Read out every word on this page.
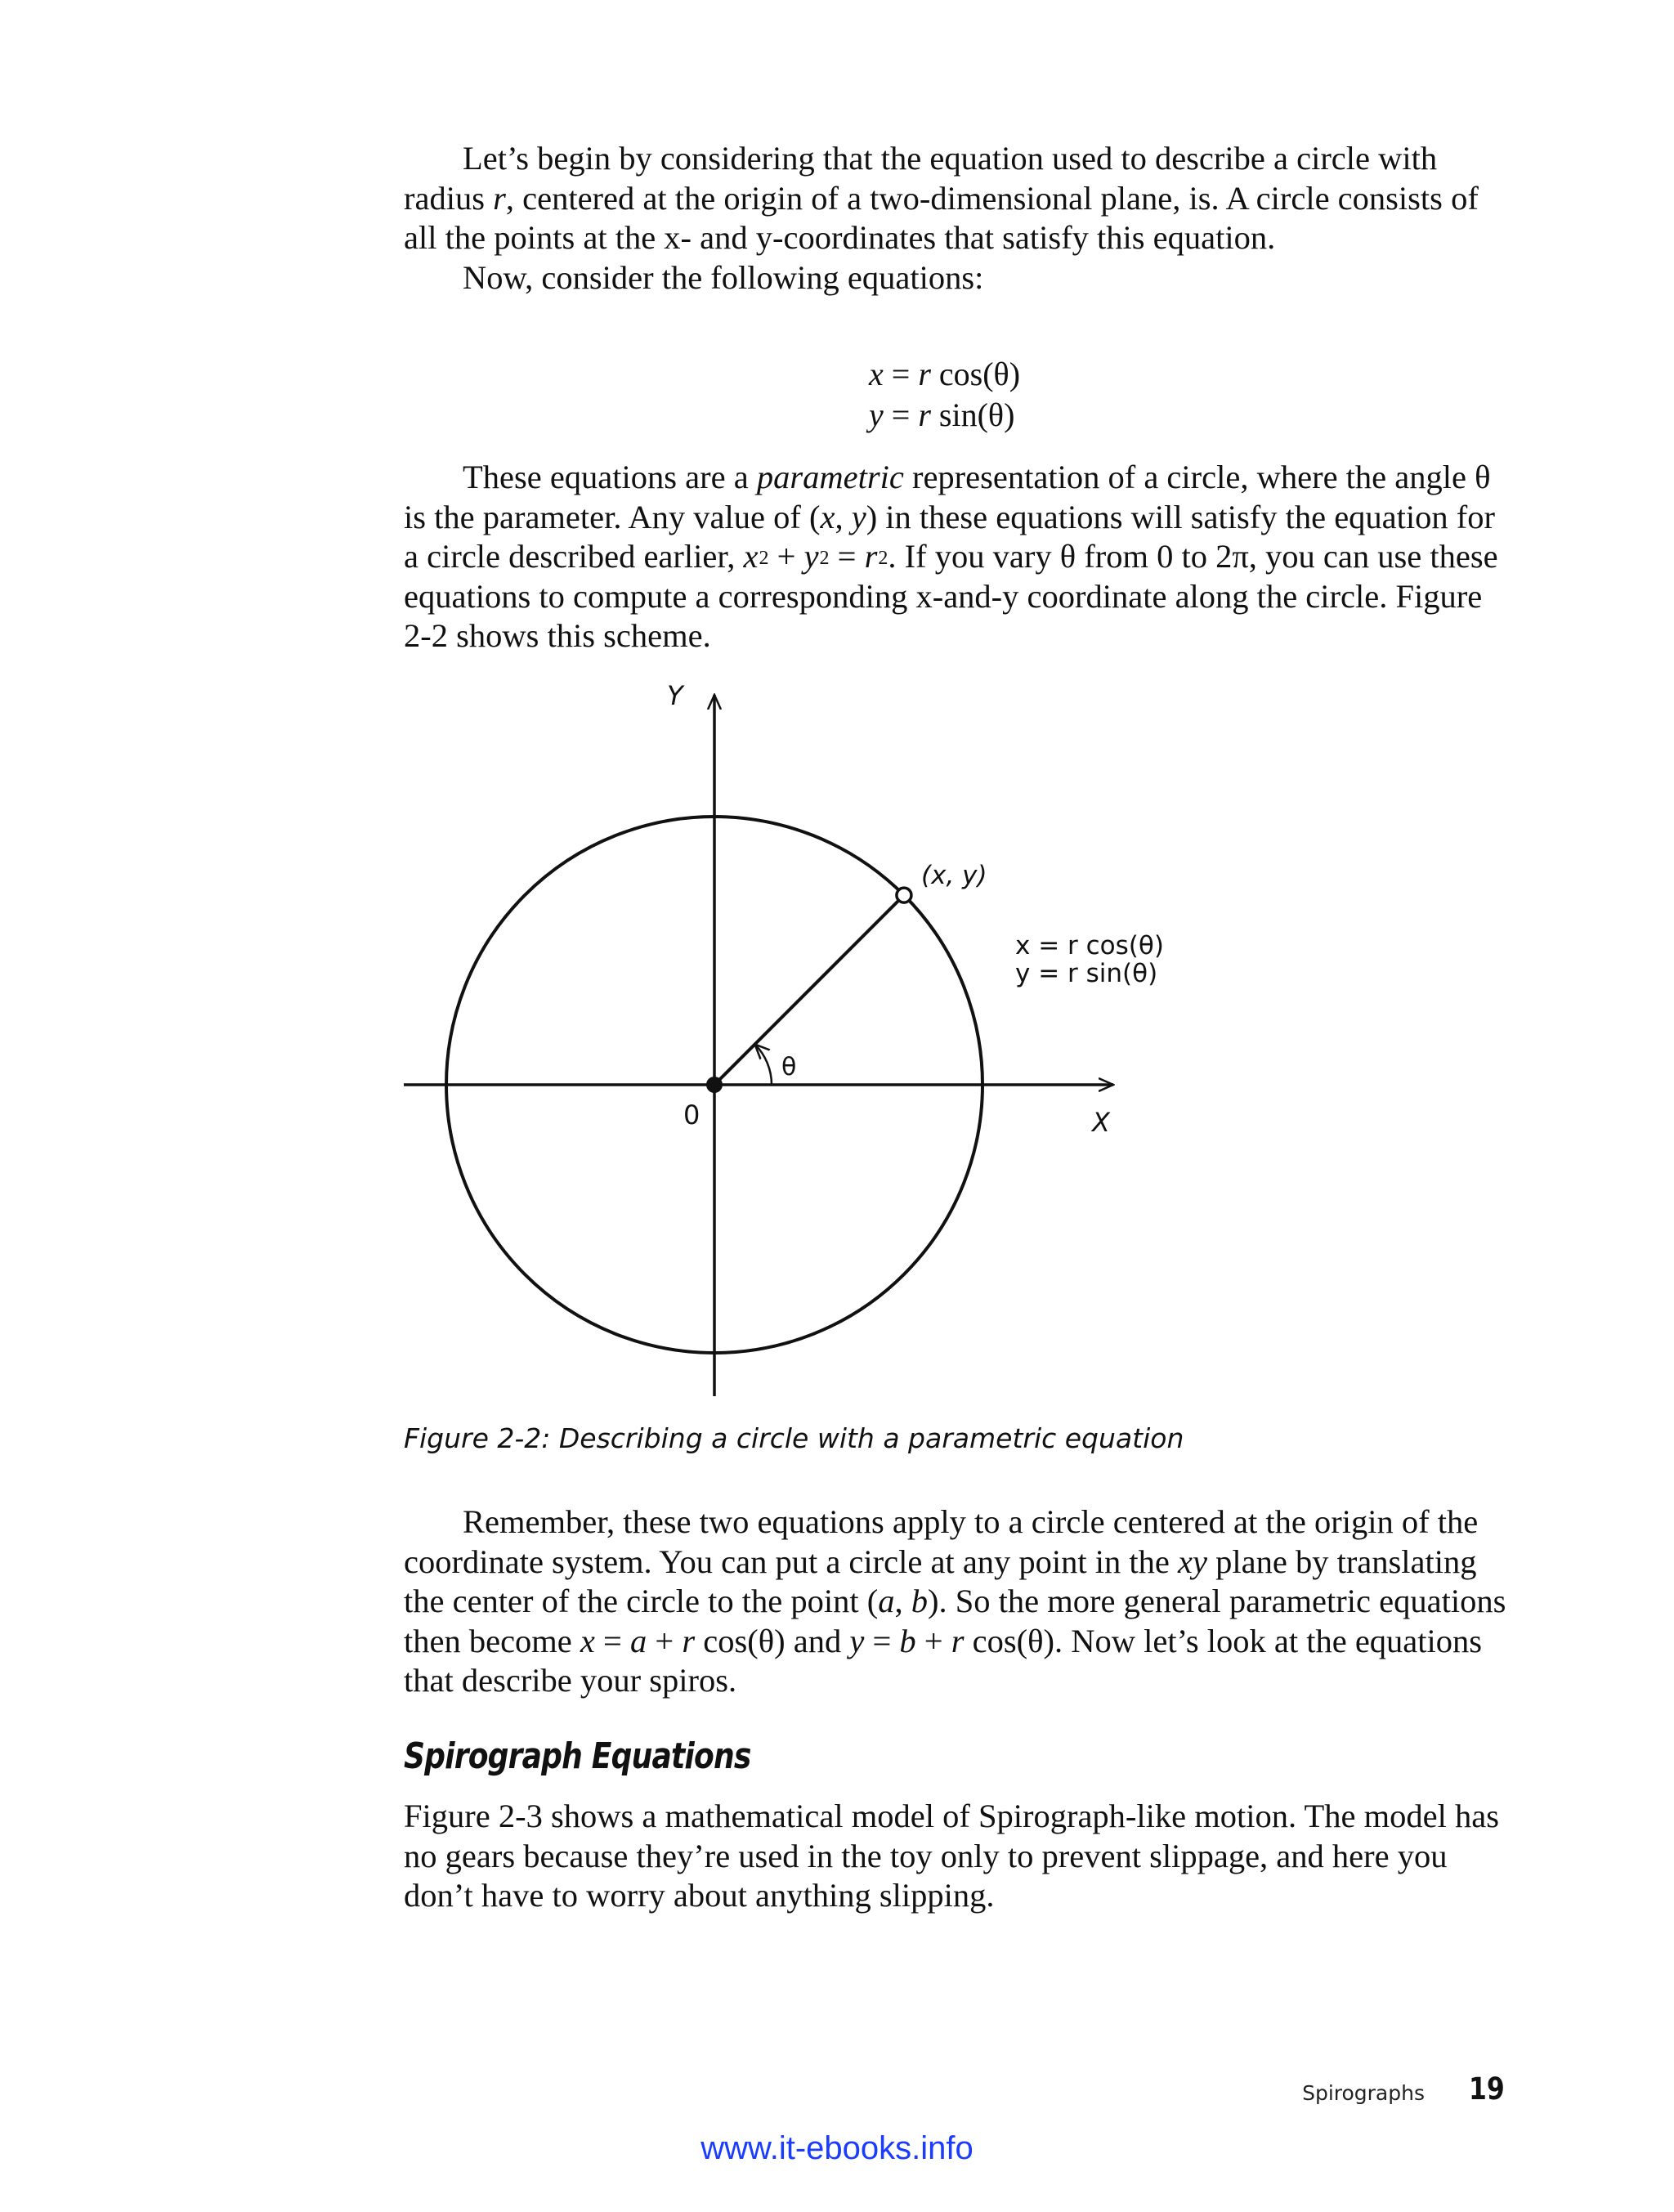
Let’s begin by considering that the equation used to describe a circle with radius r, centered at the origin of a two-dimensional plane, is. A circle consists of all the points at the x- and y-coordinates that satisfy this equation.

Now, consider the following equations:

x = r cos(θ)
y = r sin(θ)

These equations are a parametric representation of a circle, where the angle θ is the parameter. Any value of (x, y) in these equations will satisfy the equation for a circle described earlier, $x^2 + y^2 = r^2$. If you vary θ from 0 to 2π, you can use these equations to compute a corresponding x-and-y coordinate along the circle. Figure 2-2 shows this scheme.

Y
X
0
(x, y)
θ
x = r cos(θ)
y = r sin(θ)
Figure 2-2: Describing a circle with a parametric equation

Remember, these two equations apply to a circle centered at the origin of the coordinate system. You can put a circle at any point in the xy plane by translating the center of the circle to the point (a, b). So the more general parametric equations then become x = a + r cos(θ) and y = b + r cos(θ). Now let’s look at the equations that describe your spiros.

Spirograph Equations

Figure 2-3 shows a mathematical model of Spirograph-like motion. The model has no gears because they’re used in the toy only to prevent slippage, and here you don’t have to worry about anything slipping.

Spirographs 19
www.it-ebooks.info
